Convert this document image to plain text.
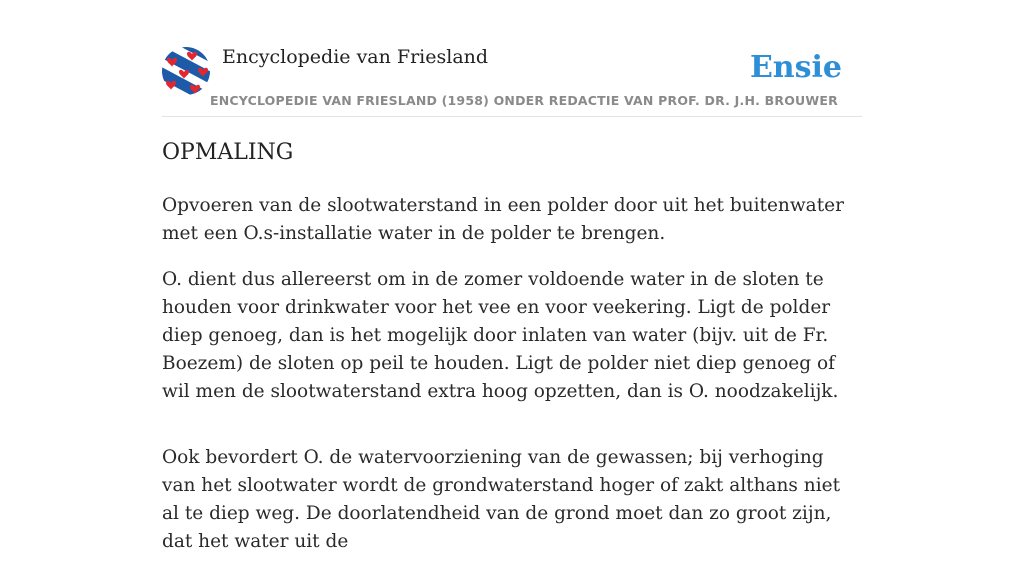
Encyclopedie van Friesland
ENCYCLOPEDIE VAN FRIESLAND (1958) ONDER REDACTIE VAN PROF. DR. J.H. BROUWER
Ensie
OPMALING

Opvoeren van de slootwaterstand in een polder door uit het buitenwater met een O.s-installatie water in de polder te brengen.

O. dient dus allereerst om in de zomer voldoende water in de sloten te houden voor drinkwater voor het vee en voor veekering. Ligt de polder diep genoeg, dan is het mogelijk door inlaten van water (bijv. uit de Fr. Boezem) de sloten op peil te houden. Ligt de polder niet diep genoeg of wil men de slootwaterstand extra hoog opzetten, dan is O. noodzakelijk.

Ook bevordert O. de watervoorziening van de gewassen; bij verhoging van het slootwater wordt de grondwaterstand hoger of zakt althans niet al te diep weg. De doorlatendheid van de grond moet dan zo groot zijn, dat het water uit de
